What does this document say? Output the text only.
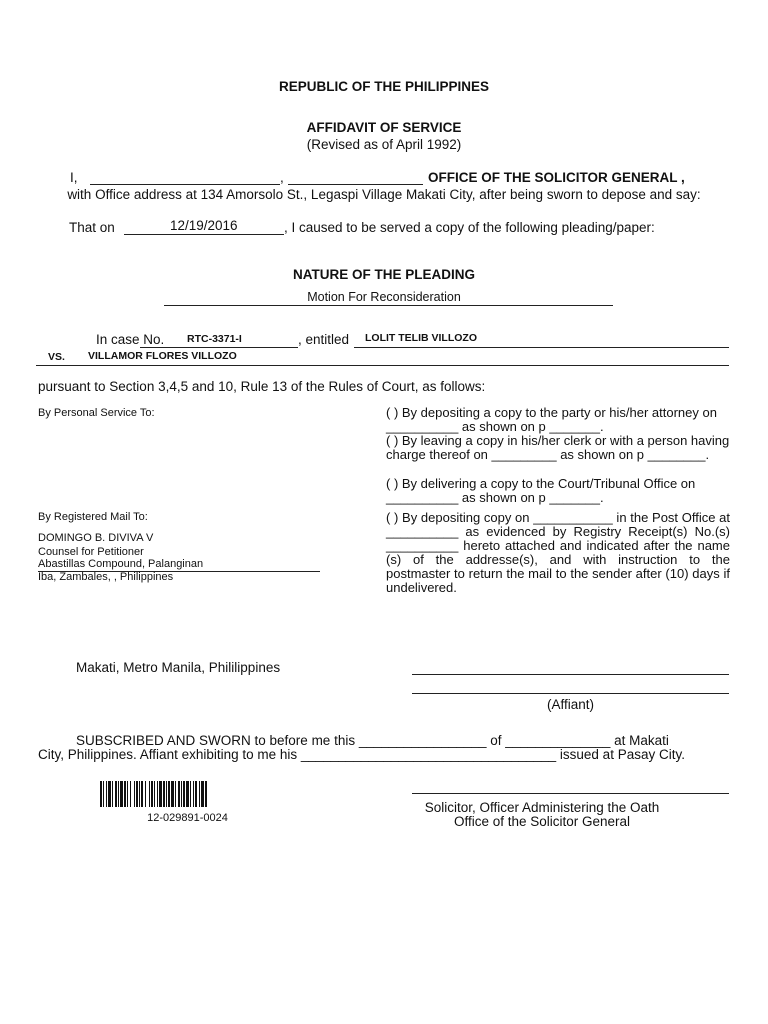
REPUBLIC OF THE PHILIPPINES
AFFIDAVIT OF SERVICE
(Revised as of April 1992)
I,	,	OFFICE OF THE SOLICITOR GENERAL ,
with Office address at 134 Amorsolo St., Legaspi Village Makati City, after being sworn to depose and say:
That on	12/19/2016	, I caused to be served a copy of the following pleading/paper:
NATURE OF THE PLEADING
Motion For Reconsideration
In case No. RTC-3371-I	, entitled LOLIT TELIB VILLOZO
VS. VILLAMOR FLORES VILLOZO
pursuant to Section 3,4,5 and 10, Rule 13 of the Rules of Court, as follows:
By Personal Service To:	( ) By depositing a copy to the party or his/her attorney on __________ as shown on p _______.
( ) By leaving a copy in his/her clerk or with a person having charge thereof on _________ as shown on p ________.
( ) By delivering a copy to the Court/Tribunal Office on __________ as shown on p _______.
By Registered Mail To:
DOMINGO B. DIVIVA V
Counsel for Petitioner
Abastillas Compound, Palanginan
Iba, Zambales, , Philippines
( ) By depositing copy on ___________ in the Post Office at __________ as evidenced by Registry Receipt(s) No.(s) __________ hereto attached and indicated after the name (s) of the addresse(s), and with instruction to the postmaster to return the mail to the sender after (10) days if undelivered.
Makati, Metro Manila, Phililippines
(Affiant)
SUBSCRIBED AND SWORN to before me this _________________ of ______________ at Makati
City, Philippines. Affiant exhibiting to me his __________________________________ issued at Pasay City.
12-029891-0024
Solicitor, Officer Administering the Oath
Office of the Solicitor General
